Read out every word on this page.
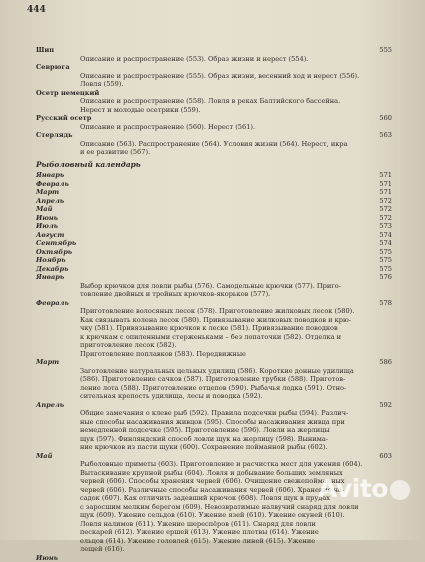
444
Шип	555
Описание и распространение (553). Образ жизни и нерест (554).
Севрюга
Описание и распространение (555). Образ жизни, весенний ход и нерест (556).
Ловля (559).
Осетр немецкий
Описание и распространение (558). Ловля в реках Балтийского бассейна.
Нерест и молодые осетрики (559).
Русский осетр	560
Описание и распространение (560). Нерест (561).
Стерлядь	563
Описание (563). Распространение (564). Условия жизни (564). Нерест, икра
и ее развитие (567).
Рыболовный календарь
Январь	571
Февраль	571
Март	571
Апрель	572
Май	572
Июнь	572
Июль	573
Август	574
Сентябрь	574
Октябрь	575
Ноябрь	575
Декабрь	575
Январь	576
Выбор крючков для ловли рыбы (576). Самодельные крючки (577). Приго-
товление двойных и тройных крючков-якорьков (577).
Февраль	578
Приготовление волосяных лесок (578). Приготовление жилковых лесок (580).
Как связывать колена лесок (580). Привязывание жилковых поводков и крю-
чку (581). Привязывание крючков к леске (581). Привязывание поводков
к крючкам с опиленными стерженьками – без лопаточки (582). Отделка и
приготовление лесок (582).
Приготовление поплавков (583). Передвижные
Март	586
Заготовление натуральных цельных удилищ (586). Короткие донные удилища
(586). Приготовление сачков (587). Приготовление трубки (588). Приготов-
ление лота (588). Приготовление отцепов (590). Рыбачья лодка (591). Отно-
сительная крепость удилища, лесы и поводка (592).
Апрель	592
Общие замечания о клеве рыб (592). Правила подсечки рыбы (594). Различ-
ные способы насаживания живцов (595). Способы насаживания живца при
немедленной подсечке (595). Приготовление (596). Ловли на жерлицы
щук (597). Финляндский способ ловли щук на жерлицу (598). Вынима-
ние крючков из пасти щуки (600). Сохранение пойманной рыбы (602).
Май	603
Рыболовные приметы (603). Приготовление и расчистка мест для ужения (604).
Вытаскивание крупной рыбы (604). Ловля и добывание больших земляных
червей (606). Способы хранения червей (606). Очищение свежепойманных
червей (606). Различные способы насаживания червей (606). Хранение на-
садок (607). Как отличить задевший крючок (608). Ловля щук в прудах
с заросшим мелким берегом (609). Невозвратимые налвучий снаряд для ловли
щук (609). Ужение сельдов (610). Ужение язей (610). Ужение окуней (610).
Ловля налимов (611). Ужение шереспёров (611). Снаряд для ловли
пескарей (612). Ужение ершей (613). Ужение плотвы (614). Ужение
ельцов (614). Ужение головлей (615). Ужение линей (615). Ужение
лещей (616).
Июнь
Avito
